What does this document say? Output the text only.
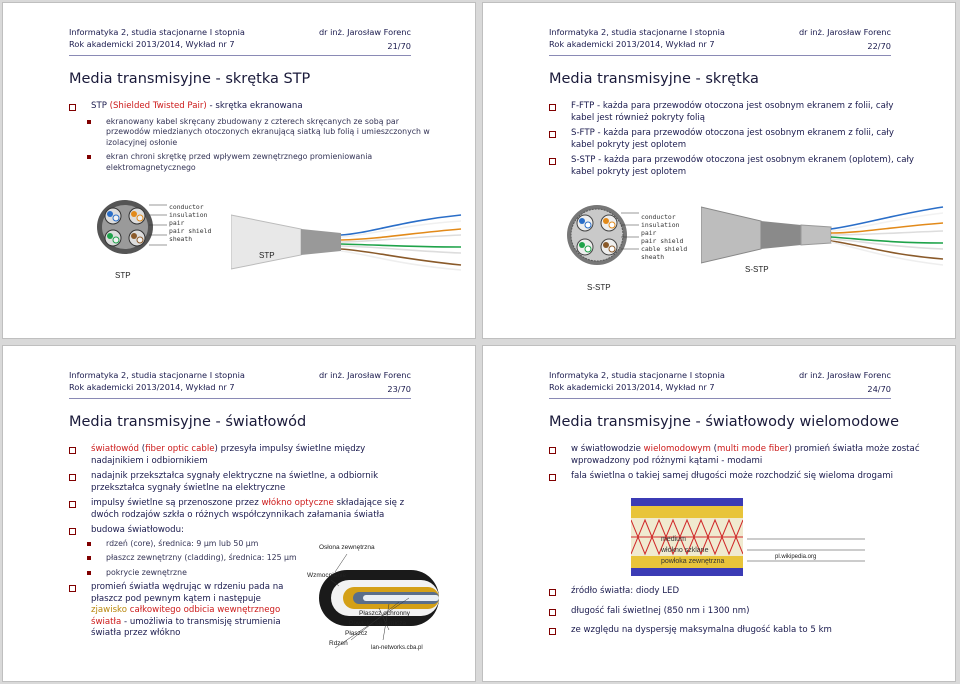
Informatyka 2, studia stacjonarne I stopnia
Rok akademicki 2013/2014, Wykład nr 7
dr inż. Jarosław Forenc
21/70
Media transmisyjne - skrętka STP
STP (Shielded Twisted Pair) - skrętka ekranowana
ekranowany kabel skręcany zbudowany z czterech skręcanych ze sobą par przewodów miedzianych otoczonych ekranującą siatką lub folią i umieszczonych w izolacyjnej osłonie
ekran chroni skrętkę przed wpływem zewnętrznego promieniowania elektromagnetycznego
conductor
insulation
pair
pair shield
sheath
STP
STP
Informatyka 2, studia stacjonarne I stopnia
Rok akademicki 2013/2014, Wykład nr 7
dr inż. Jarosław Forenc
22/70
Media transmisyjne - skrętka
F-FTP - każda para przewodów otoczona jest osobnym ekranem z folii, cały kabel jest również pokryty folią
S-FTP - każda para przewodów otoczona jest osobnym ekranem z folii, cały kabel pokryty jest oplotem
S-STP - każda para przewodów otoczona jest osobnym ekranem (oplotem), cały kabel pokryty jest oplotem
conductor
insulation
pair
pair shield
cable shield
sheath
S-STP
S-STP
Informatyka 2, studia stacjonarne I stopnia
Rok akademicki 2013/2014, Wykład nr 7
dr inż. Jarosław Forenc
23/70
Media transmisyjne - światłowód
światłowód (fiber optic cable) przesyła impulsy świetlne między nadajnikiem i odbiornikiem
nadajnik przekształca sygnały elektryczne na świetlne, a odbiornik przekształca sygnały świetlne na elektryczne
impulsy świetlne są przenoszone przez włókno optyczne składające się z dwóch rodzajów szkła o różnych współczynnikach załamania światła
budowa światłowodu:
rdzeń (core), średnica: 9 μm lub 50 μm
płaszcz zewnętrzny (cladding), średnica: 125 μm
pokrycie zewnętrzne
promień światła wędrując w rdzeniu pada na płaszcz pod pewnym kątem i następuje zjawisko całkowitego odbicia wewnętrznego światła - umożliwia to transmisję strumienia światła przez włókno
Osłona zewnętrzna
Wzmocnienie
Płaszcz ochronny
Powłoka lakiernicza
Płaszcz
Rdzeń
lan-networks.cba.pl
Informatyka 2, studia stacjonarne I stopnia
Rok akademicki 2013/2014, Wykład nr 7
dr inż. Jarosław Forenc
24/70
Media transmisyjne - światłowody wielomodowe
w światłowodzie wielomodowym (multi mode fiber) promień światła może zostać wprowadzony pod różnymi kątami - modami
fala świetlna o takiej samej długości może rozchodzić się wieloma drogami
medium
włókno szklane
powłoka zewnętrzna
pl.wikipedia.org
źródło światła: diody LED
długość fali świetlnej (850 nm i 1300 nm)
ze względu na dyspersję maksymalna długość kabla to 5 km
